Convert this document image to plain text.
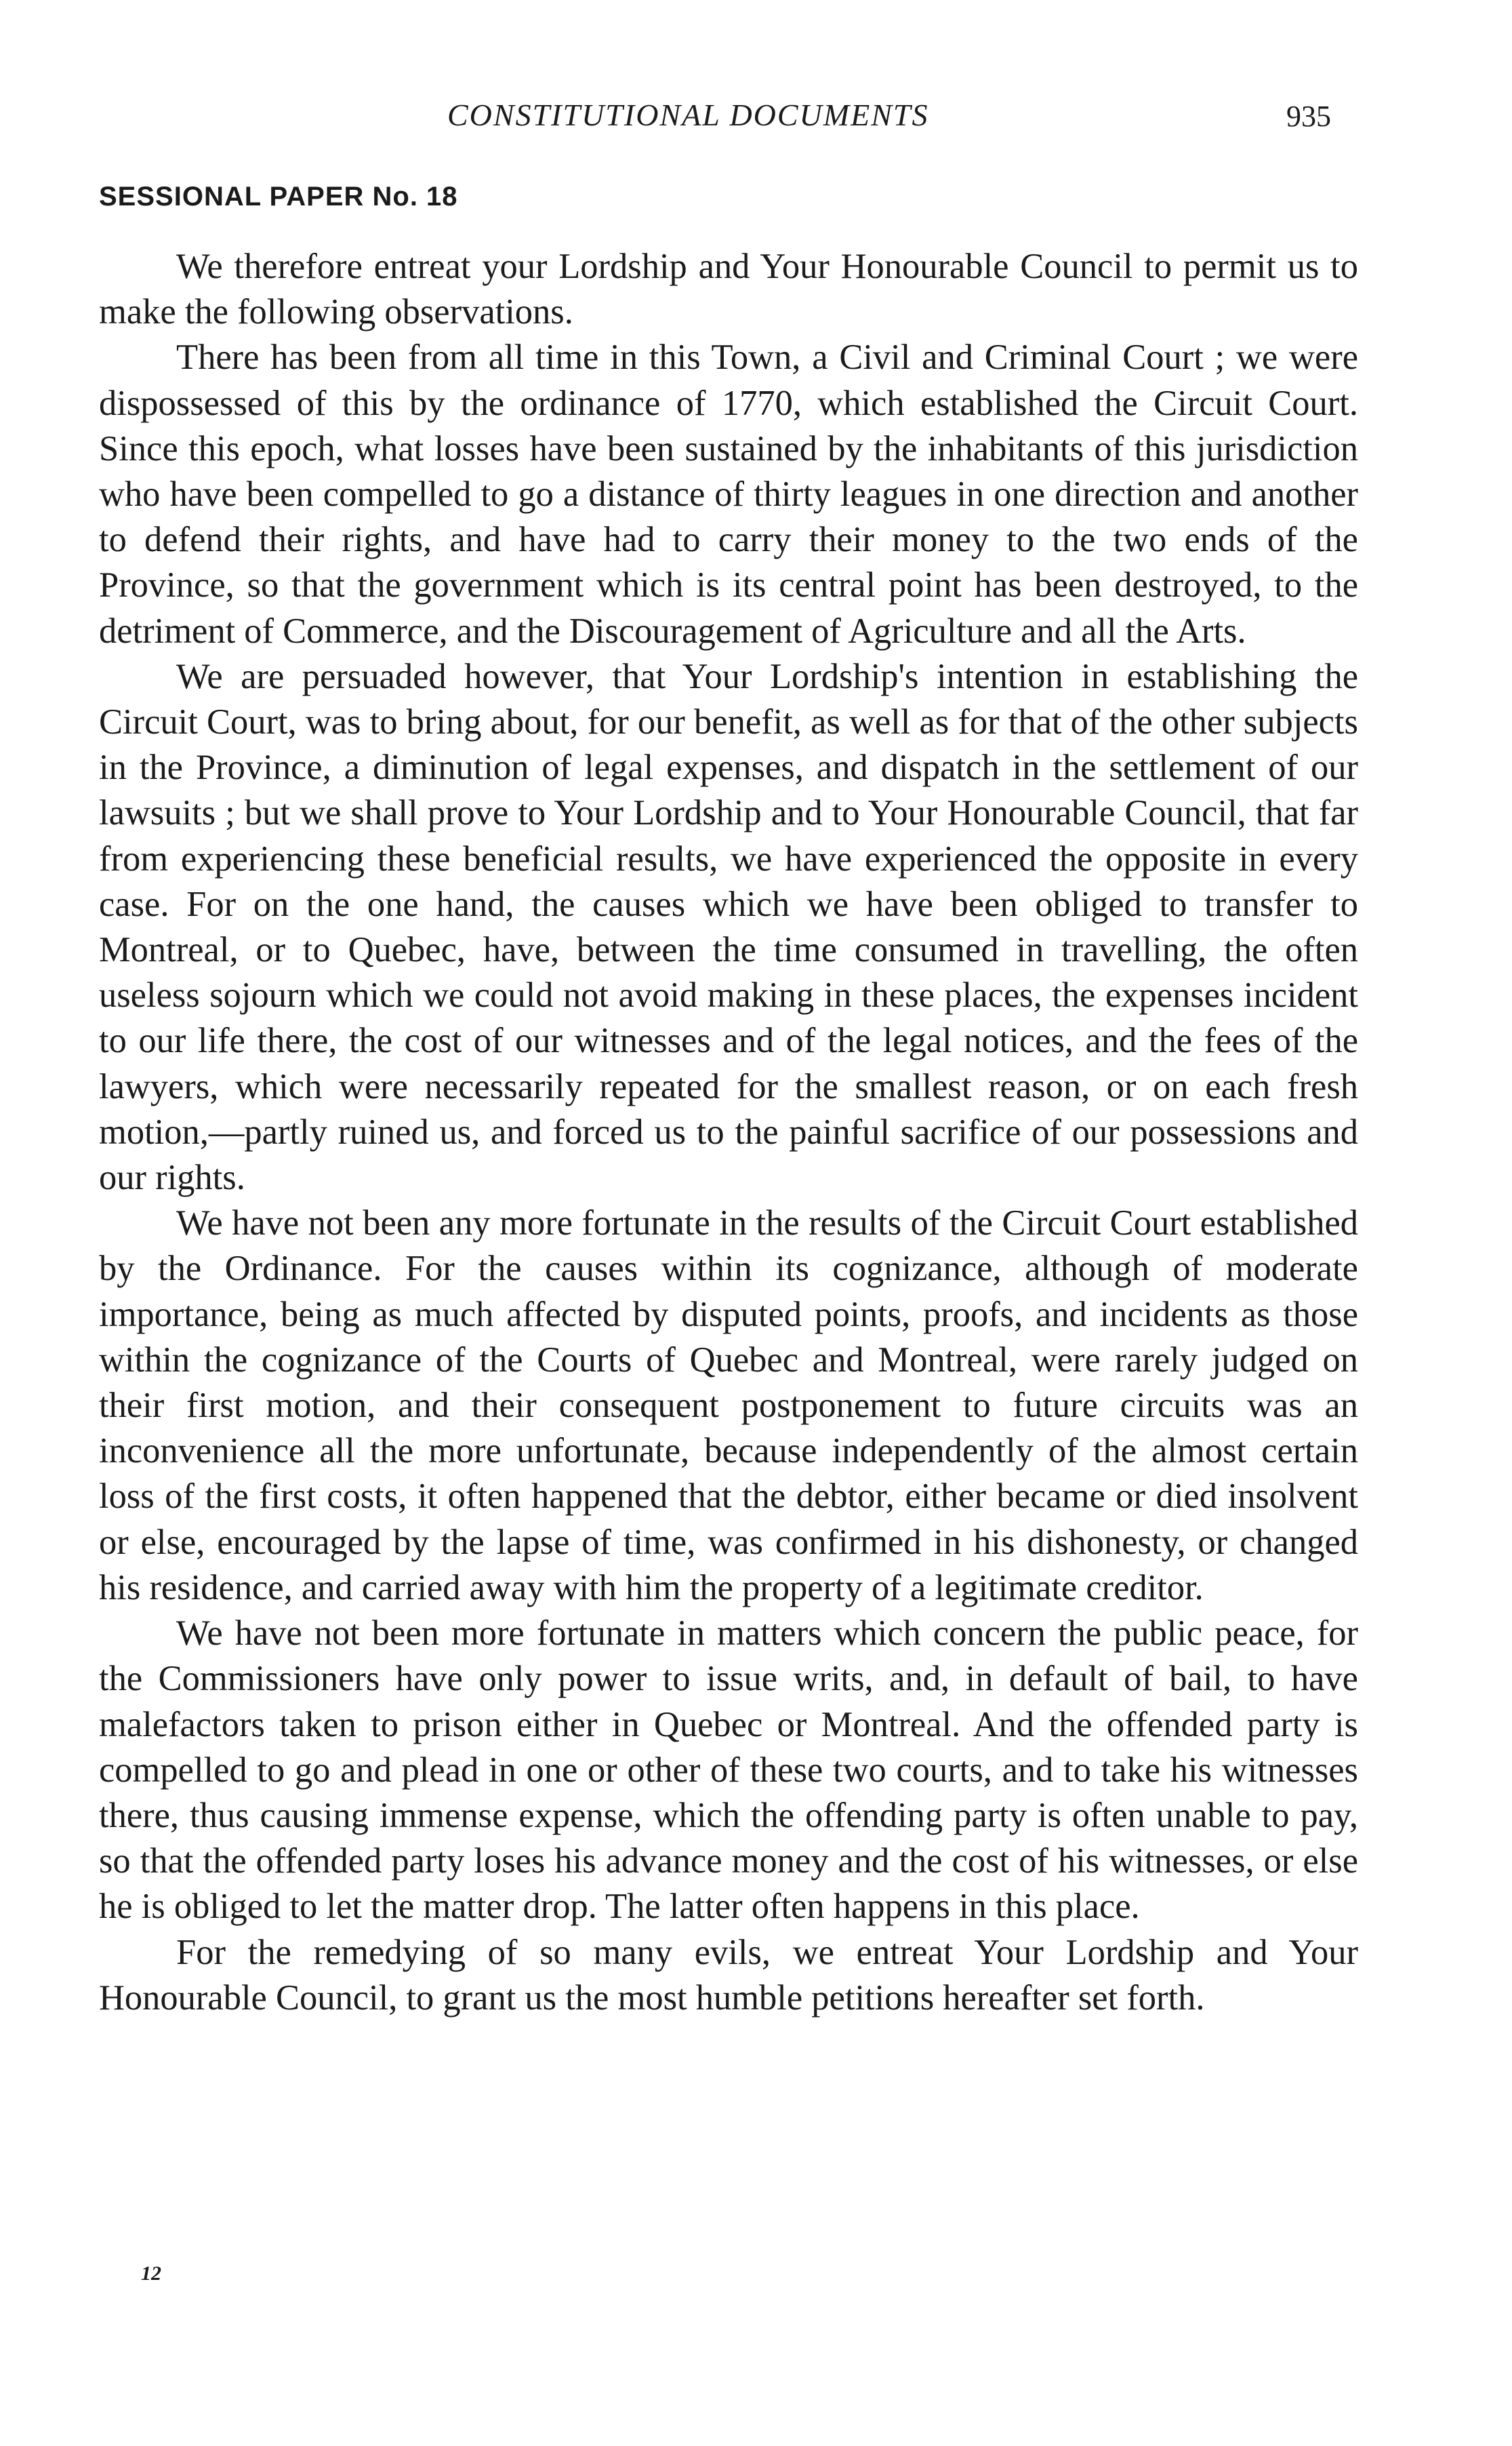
CONSTITUTIONAL DOCUMENTS	935
SESSIONAL PAPER No. 18

We therefore entreat your Lordship and Your Honourable Council to permit us to make the following observations.

There has been from all time in this Town, a Civil and Criminal Court ; we were dispossessed of this by the ordinance of 1770, which established the Circuit Court. Since this epoch, what losses have been sustained by the inhabitants of this jurisdiction who have been compelled to go a distance of thirty leagues in one direction and another to defend their rights, and have had to carry their money to the two ends of the Province, so that the government which is its central point has been destroyed, to the detriment of Commerce, and the Discouragement of Agriculture and all the Arts.

We are persuaded however, that Your Lordship's intention in establishing the Circuit Court, was to bring about, for our benefit, as well as for that of the other subjects in the Province, a diminution of legal expenses, and dispatch in the settlement of our lawsuits ; but we shall prove to Your Lordship and to Your Honourable Council, that far from experiencing these beneficial results, we have experienced the opposite in every case. For on the one hand, the causes which we have been obliged to transfer to Montreal, or to Quebec, have, between the time consumed in travelling, the often useless sojourn which we could not avoid making in these places, the expenses incident to our life there, the cost of our witnesses and of the legal notices, and the fees of the lawyers, which were necessarily repeated for the smallest reason, or on each fresh motion,—partly ruined us, and forced us to the painful sacrifice of our possessions and our rights.

We have not been any more fortunate in the results of the Circuit Court established by the Ordinance. For the causes within its cognizance, although of moderate importance, being as much affected by disputed points, proofs, and incidents as those within the cognizance of the Courts of Quebec and Montreal, were rarely judged on their first motion, and their consequent postponement to future circuits was an inconvenience all the more unfortunate, because independently of the almost certain loss of the first costs, it often happened that the debtor, either became or died insolvent or else, encouraged by the lapse of time, was confirmed in his dishonesty, or changed his residence, and carried away with him the property of a legitimate creditor.

We have not been more fortunate in matters which concern the public peace, for the Commissioners have only power to issue writs, and, in default of bail, to have malefactors taken to prison either in Quebec or Montreal. And the offended party is compelled to go and plead in one or other of these two courts, and to take his witnesses there, thus causing immense expense, which the offending party is often unable to pay, so that the offended party loses his advance money and the cost of his witnesses, or else he is obliged to let the matter drop. The latter often happens in this place.

For the remedying of so many evils, we entreat Your Lordship and Your Honourable Council, to grant us the most humble petitions hereafter set forth.

12
